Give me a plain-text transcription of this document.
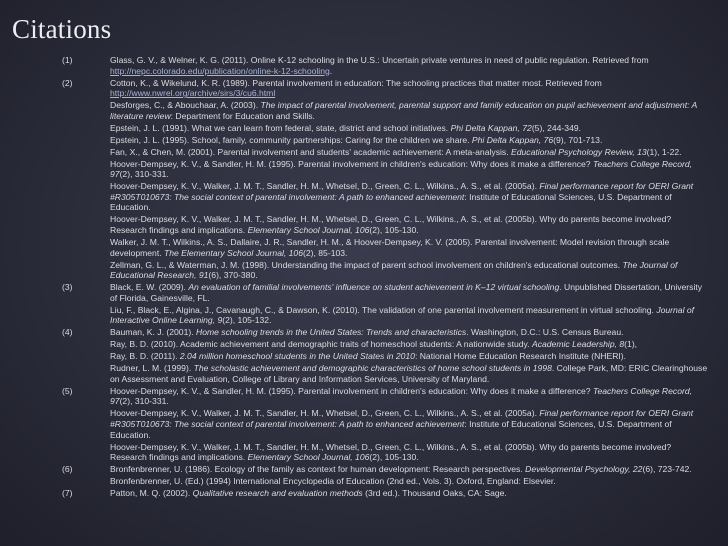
Citations
(1)	Glass, G. V., & Welner, K. G. (2011). Online K-12 schooling in the U.S.: Uncertain private ventures in need of public regulation. Retrieved from http://nepc.colorado.edu/publication/online-k-12-schooling.
(2)	Cotton, K., & Wikelund, K. R. (1989). Parental involvement in education: The schooling practices that matter most. Retrieved from http://www.nwrel.org/archive/sirs/3/cu6.html
Desforges, C., & Abouchaar, A. (2003). The impact of parental involvement, parental support and family education on pupil achievement and adjustment: A literature review: Department for Education and Skills.
Epstein, J. L. (1991). What we can learn from federal, state, district and school initiatives. Phi Delta Kappan, 72(5), 244-349.
Epstein, J. L. (1995). School, family, community partnerships: Caring for the children we share. Phi Delta Kappan, 76(9), 701-713.
Fan, X., & Chen, M. (2001). Parental involvement and students' academic achievement: A meta-analysis. Educational Psychology Review, 13(1), 1-22.
Hoover-Dempsey, K. V., & Sandler, H. M. (1995). Parental involvement in children's education: Why does it make a difference? Teachers College Record, 97(2), 310-331.
Hoover-Dempsey, K. V., Walker, J. M. T., Sandler, H. M., Whetsel, D., Green, C. L., Wilkins., A. S., et al. (2005a). Final performance report for OERI Grant #R305T010673: The social context of parental involvement: A path to enhanced achievement: Institute of Educational Sciences, U.S. Department of Education.
Hoover-Dempsey, K. V., Walker, J. M. T., Sandler, H. M., Whetsel, D., Green, C. L., Wilkins., A. S., et al. (2005b). Why do parents become involved? Research findings and implications. Elementary School Journal, 106(2), 105-130.
Walker, J. M. T., Wilkins., A. S., Dallaire, J. R., Sandler, H. M., & Hoover-Dempsey, K. V. (2005). Parental involvement: Model revision through scale development. The Elementary School Journal, 106(2), 85-103.
Zellman, G. L., & Waterman, J. M. (1998). Understanding the impact of parent school involvement on children's educational outcomes. The Journal of Educational Research, 91(6), 370-380.
(3)	Black, E. W. (2009). An evaluation of familial involvements' influence on student achievement in K–12 virtual schooling. Unpublished Dissertation, University of Florida, Gainesville, FL.
Liu, F., Black, E., Algina, J., Cavanaugh, C., & Dawson, K. (2010). The validation of one parental involvement measurement in virtual schooling. Journal of Interactive Online Learning, 9(2), 105-132.
(4)	Bauman, K. J. (2001). Home schooling trends in the United States: Trends and characteristics. Washington, D.C.: U.S. Census Bureau.
Ray, B. D. (2010). Academic achievement and demographic traits of homeschool students: A nationwide study. Academic Leadership, 8(1),
Ray, B. D. (2011). 2.04 million homeschool students in the United States in 2010: National Home Education Research Institute (NHERI).
Rudner, L. M. (1999). The scholastic achievement and demographic characteristics of home school students in 1998. College Park, MD: ERIC Clearinghouse on Assessment and Evaluation, College of Library and Information Services, University of Maryland.
(5)	Hoover-Dempsey, K. V., & Sandler, H. M. (1995). Parental involvement in children's education: Why does it make a difference? Teachers College Record, 97(2), 310-331.
Hoover-Dempsey, K. V., Walker, J. M. T., Sandler, H. M., Whetsel, D., Green, C. L., Wilkins., A. S., et al. (2005a). Final performance report for OERI Grant #R305T010673: The social context of parental involvement: A path to enhanced achievement: Institute of Educational Sciences, U.S. Department of Education.
Hoover-Dempsey, K. V., Walker, J. M. T., Sandler, H. M., Whetsel, D., Green, C. L., Wilkins., A. S., et al. (2005b). Why do parents become involved? Research findings and implications. Elementary School Journal, 106(2), 105-130.
(6)	Bronfenbrenner, U. (1986). Ecology of the family as context for human development: Research perspectives. Developmental Psychology, 22(6), 723-742.
Bronfenbrenner, U. (Ed.) (1994) International Encyclopedia of Education (2nd ed., Vols. 3). Oxford, England: Elsevier.
(7)	Patton, M. Q. (2002). Qualitative research and evaluation methods (3rd ed.). Thousand Oaks, CA: Sage.
